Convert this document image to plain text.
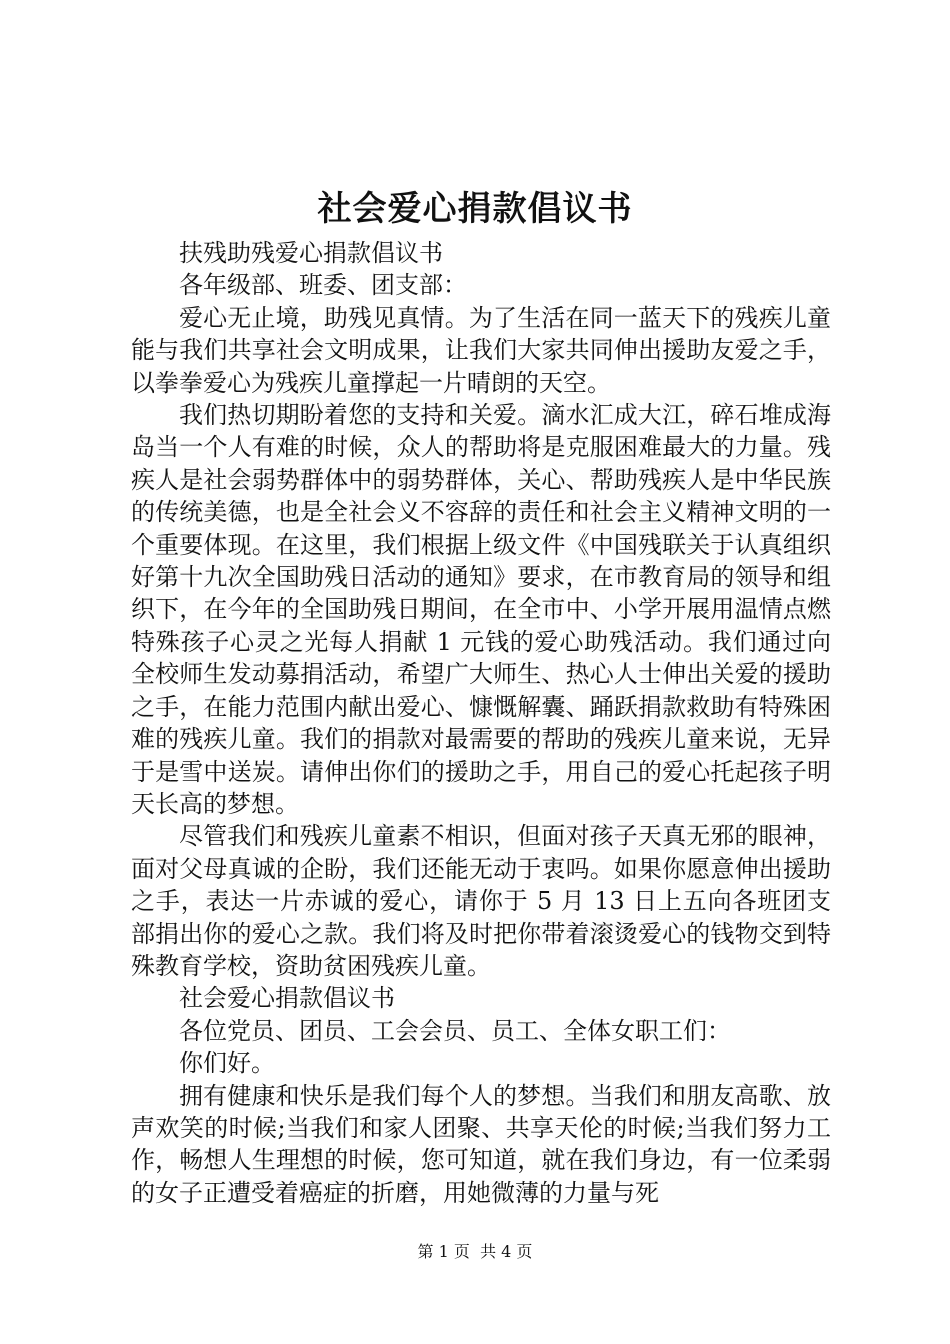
社会爱心捐款倡议书

扶残助残爱心捐款倡议书

各年级部、班委、团支部：

爱心无止境，助残见真情。为了生活在同一蓝天下的残疾儿童能与我们共享社会文明成果，让我们大家共同伸出援助友爱之手，以拳拳爱心为残疾儿童撑起一片晴朗的天空。

我们热切期盼着您的支持和关爱。滴水汇成大江，碎石堆成海岛当一个人有难的时候，众人的帮助将是克服困难最大的力量。残疾人是社会弱势群体中的弱势群体，关心、帮助残疾人是中华民族的传统美德，也是全社会义不容辞的责任和社会主义精神文明的一个重要体现。在这里，我们根据上级文件《中国残联关于认真组织好第十九次全国助残日活动的通知》要求，在市教育局的领导和组织下，在今年的全国助残日期间，在全市中、小学开展用温情点燃特殊孩子心灵之光每人捐献 1 元钱的爱心助残活动。我们通过向全校师生发动募捐活动，希望广大师生、热心人士伸出关爱的援助之手，在能力范围内献出爱心、慷慨解囊、踊跃捐款救助有特殊困难的残疾儿童。我们的捐款对最需要的帮助的残疾儿童来说，无异于是雪中送炭。请伸出你们的援助之手，用自己的爱心托起孩子明天长高的梦想。

尽管我们和残疾儿童素不相识，但面对孩子天真无邪的眼神，面对父母真诚的企盼，我们还能无动于衷吗。如果你愿意伸出援助之手，表达一片赤诚的爱心，请你于 5 月 13 日上五向各班团支部捐出你的爱心之款。我们将及时把你带着滚烫爱心的钱物交到特殊教育学校，资助贫困残疾儿童。

社会爱心捐款倡议书

各位党员、团员、工会会员、员工、全体女职工们：

你们好。

拥有健康和快乐是我们每个人的梦想。当我们和朋友高歌、放声欢笑的时候;当我们和家人团聚、共享天伦的时候;当我们努力工作，畅想人生理想的时候，您可知道，就在我们身边，有一位柔弱的女子正遭受着癌症的折磨，用她微薄的力量与死

第 1 页 共 4 页
